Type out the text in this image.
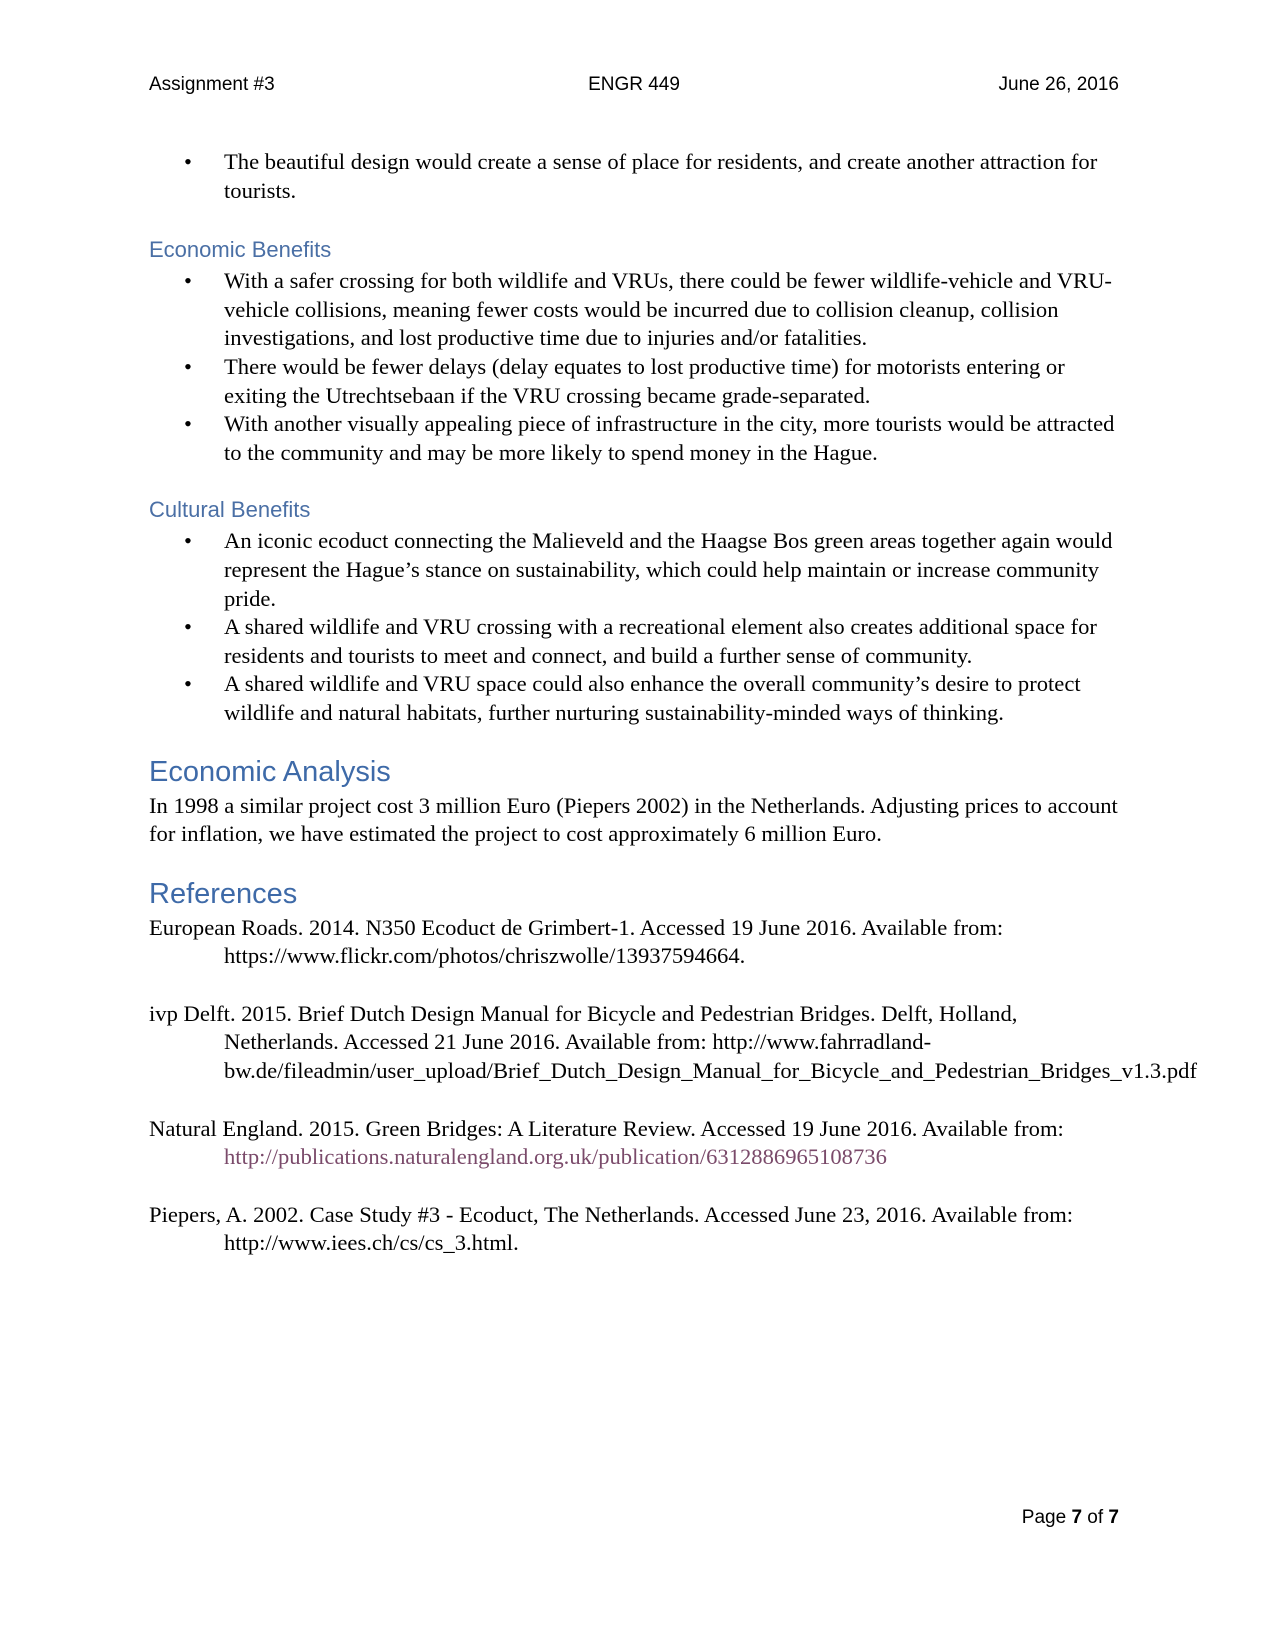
Assignment #3	ENGR 449	June 26, 2016
• The beautiful design would create a sense of place for residents, and create another attraction for tourists.
Economic Benefits
• With a safer crossing for both wildlife and VRUs, there could be fewer wildlife-vehicle and VRU-vehicle collisions, meaning fewer costs would be incurred due to collision cleanup, collision investigations, and lost productive time due to injuries and/or fatalities.
• There would be fewer delays (delay equates to lost productive time) for motorists entering or exiting the Utrechtsebaan if the VRU crossing became grade-separated.
• With another visually appealing piece of infrastructure in the city, more tourists would be attracted to the community and may be more likely to spend money in the Hague.
Cultural Benefits
• An iconic ecoduct connecting the Malieveld and the Haagse Bos green areas together again would represent the Hague’s stance on sustainability, which could help maintain or increase community pride.
• A shared wildlife and VRU crossing with a recreational element also creates additional space for residents and tourists to meet and connect, and build a further sense of community.
• A shared wildlife and VRU space could also enhance the overall community’s desire to protect wildlife and natural habitats, further nurturing sustainability-minded ways of thinking.
Economic Analysis

In 1998 a similar project cost 3 million Euro (Piepers 2002) in the Netherlands. Adjusting prices to account for inflation, we have estimated the project to cost approximately 6 million Euro.

References

European Roads. 2014. N350 Ecoduct de Grimbert-1. Accessed 19 June 2016. Available from: https://www.flickr.com/photos/chriszwolle/13937594664.

ivp Delft. 2015. Brief Dutch Design Manual for Bicycle and Pedestrian Bridges. Delft, Holland, Netherlands. Accessed 21 June 2016. Available from: http://www.fahrradland-bw.de/fileadmin/user_upload/Brief_Dutch_Design_Manual_for_Bicycle_and_Pedestrian_Bridges_v1.3.pdf

Natural England. 2015. Green Bridges: A Literature Review. Accessed 19 June 2016. Available from: http://publications.naturalengland.org.uk/publication/6312886965108736

Piepers, A. 2002. Case Study #3 - Ecoduct, The Netherlands. Accessed June 23, 2016. Available from: http://www.iees.ch/cs/cs_3.html.

Page 7 of 7
